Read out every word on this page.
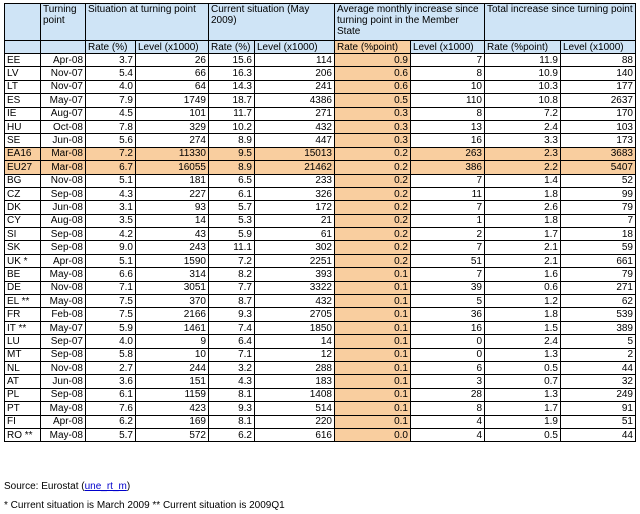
	Turning point	Situation at turning point		Current situation (May 2009)		Average monthly increase since turning point in the Member State		Total increase since turning point	
		Rate (%)	Level (x1000)	Rate (%)	Level (x1000)	Rate (%point)	Level (x1000)	Rate (%point)	Level (x1000)
EE	Apr-08	3.7	26	15.6	114	0.9	7	11.9	88
LV	Nov-07	5.4	66	16.3	206	0.6	8	10.9	140
LT	Nov-07	4.0	64	14.3	241	0.6	10	10.3	177
ES	May-07	7.9	1749	18.7	4386	0.5	110	10.8	2637
IE	Aug-07	4.5	101	11.7	271	0.3	8	7.2	170
HU	Oct-08	7.8	329	10.2	432	0.3	13	2.4	103
SE	Jun-08	5.6	274	8.9	447	0.3	16	3.3	173
EA16	Mar-08	7.2	11330	9.5	15013	0.2	263	2.3	3683
EU27	Mar-08	6.7	16055	8.9	21462	0.2	386	2.2	5407
BG	Nov-08	5.1	181	6.5	233	0.2	7	1.4	52
CZ	Sep-08	4.3	227	6.1	326	0.2	11	1.8	99
DK	Jun-08	3.1	93	5.7	172	0.2	7	2.6	79
CY	Aug-08	3.5	14	5.3	21	0.2	1	1.8	7
SI	Sep-08	4.2	43	5.9	61	0.2	2	1.7	18
SK	Sep-08	9.0	243	11.1	302	0.2	7	2.1	59
UK *	Apr-08	5.1	1590	7.2	2251	0.2	51	2.1	661
BE	May-08	6.6	314	8.2	393	0.1	7	1.6	79
DE	Nov-08	7.1	3051	7.7	3322	0.1	39	0.6	271
EL **	May-08	7.5	370	8.7	432	0.1	5	1.2	62
FR	Feb-08	7.5	2166	9.3	2705	0.1	36	1.8	539
IT **	May-07	5.9	1461	7.4	1850	0.1	16	1.5	389
LU	Sep-07	4.0	9	6.4	14	0.1	0	2.4	5
MT	Sep-08	5.8	10	7.1	12	0.1	0	1.3	2
NL	Nov-08	2.7	244	3.2	288	0.1	6	0.5	44
AT	Jun-08	3.6	151	4.3	183	0.1	3	0.7	32
PL	Sep-08	6.1	1159	8.1	1408	0.1	28	1.3	249
PT	May-08	7.6	423	9.3	514	0.1	8	1.7	91
FI	Apr-08	6.2	169	8.1	220	0.1	4	1.9	51
RO **	May-08	5.7	572	6.2	616	0.0	4	0.5	44
Source: Eurostat (une_rt_m)
* Current situation is March 2009 ** Current situation is 2009Q1
